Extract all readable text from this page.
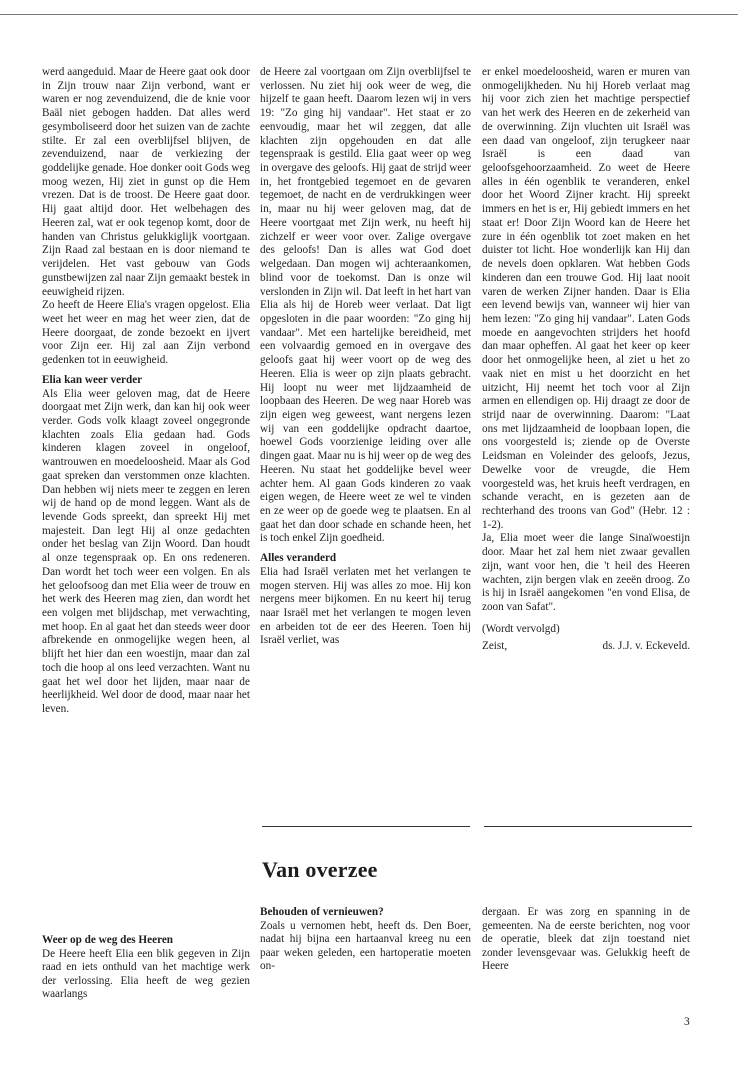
werd aangeduid. Maar de Heere gaat ook door in Zijn trouw naar Zijn verbond, want er waren er nog zevenduizend, die de knie voor Baäl niet gebogen hadden. Dat alles werd gesymboliseerd door het suizen van de zachte stilte. Er zal een overblijfsel blijven, de zevenduizend, naar de verkiezing der goddelijke genade. Hoe donker ooit Gods weg moog wezen, Hij ziet in gunst op die Hem vrezen. Dat is de troost. De Heere gaat door. Hij gaat altijd door. Het welbehagen des Heeren zal, wat er ook tegenop komt, door de handen van Christus gelukkiglijk voortgaan. Zijn Raad zal bestaan en is door niemand te verijdelen. Het vast gebouw van Gods gunstbewijzen zal naar Zijn gemaakt bestek in eeuwigheid rijzen.

Zo heeft de Heere Elia's vragen opgelost. Elia weet het weer en mag het weer zien, dat de Heere doorgaat, de zonde bezoekt en ijvert voor Zijn eer. Hij zal aan Zijn verbond gedenken tot in eeuwigheid.

Elia kan weer verder

Als Elia weer geloven mag, dat de Heere doorgaat met Zijn werk, dan kan hij ook weer verder. Gods volk klaagt zoveel ongegronde klachten zoals Elia gedaan had. Gods kinderen klagen zoveel in ongeloof, wantrouwen en moedeloosheid. Maar als God gaat spreken dan verstommen onze klachten. Dan hebben wij niets meer te zeggen en leren wij de hand op de mond leggen. Want als de levende Gods spreekt, dan spreekt Hij met majesteit. Dan legt Hij al onze gedachten onder het beslag van Zijn Woord. Dan houdt al onze tegenspraak op. En ons redeneren. Dan wordt het toch weer een volgen. En als het geloofsoog dan met Elia weer de trouw en het werk des Heeren mag zien, dan wordt het een volgen met blijdschap, met verwachting, met hoop. En al gaat het dan steeds weer door afbrekende en onmogelijke wegen heen, al blijft het hier dan een woestijn, maar dan zal toch die hoop al ons leed verzachten. Want nu gaat het wel door het lijden, maar naar de heerlijkheid. Wel door de dood, maar naar het leven.

de Heere zal voortgaan om Zijn overblijfsel te verlossen. Nu ziet hij ook weer de weg, die hijzelf te gaan heeft. Daarom lezen wij in vers 19: "Zo ging hij vandaar". Het staat er zo eenvoudig, maar het wil zeggen, dat alle klachten zijn opgehouden en dat alle tegenspraak is gestild. Elia gaat weer op weg in overgave des geloofs. Hij gaat de strijd weer in, het frontgebied tegemoet en de gevaren tegemoet, de nacht en de verdrukkingen weer in, maar nu hij weer geloven mag, dat de Heere voortgaat met Zijn werk, nu heeft hij zichzelf er weer voor over. Zalige overgave des geloofs! Dan is alles wat God doet welgedaan. Dan mogen wij achteraankomen, blind voor de toekomst. Dan is onze wil verslonden in Zijn wil. Dat leeft in het hart van Elia als hij de Horeb weer verlaat. Dat ligt opgesloten in die paar woorden: "Zo ging hij vandaar". Met een hartelijke bereidheid, met een volvaardig gemoed en in overgave des geloofs gaat hij weer voort op de weg des Heeren. Elia is weer op zijn plaats gebracht. Hij loopt nu weer met lijdzaamheid de loopbaan des Heeren. De weg naar Horeb was zijn eigen weg geweest, want nergens lezen wij van een goddelijke opdracht daartoe, hoewel Gods voorzienige leiding over alle dingen gaat. Maar nu is hij weer op de weg des Heeren. Nu staat het goddelijke bevel weer achter hem. Al gaan Gods kinderen zo vaak eigen wegen, de Heere weet ze wel te vinden en ze weer op de goede weg te plaatsen. En al gaat het dan door schade en schande heen, het is toch enkel Zijn goedheid.

Alles veranderd

Elia had Israël verlaten met het verlangen te mogen sterven. Hij was alles zo moe. Hij kon nergens meer bijkomen. En nu keert hij terug naar Israël met het verlangen te mogen leven en arbeiden tot de eer des Heeren. Toen hij Israël verliet, was

er enkel moedeloosheid, waren er muren van onmogelijkheden. Nu hij Horeb verlaat mag hij voor zich zien het machtige perspectief van het werk des Heeren en de zekerheid van de overwinning. Zijn vluchten uit Israël was een daad van ongeloof, zijn terugkeer naar Israël is een daad van geloofsgehoorzaamheid. Zo weet de Heere alles in één ogenblik te veranderen, enkel door het Woord Zijner kracht. Hij spreekt immers en het is er, Hij gebiedt immers en het staat er! Door Zijn Woord kan de Heere het zure in één ogenblik tot zoet maken en het duister tot licht. Hoe wonderlijk kan Hij dan de nevels doen opklaren. Wat hebben Gods kinderen dan een trouwe God. Hij laat nooit varen de werken Zijner handen. Daar is Elia een levend bewijs van, wanneer wij hier van hem lezen: "Zo ging hij vandaar". Laten Gods moede en aangevochten strijders het hoofd dan maar opheffen. Al gaat het keer op keer door het onmogelijke heen, al ziet u het zo vaak niet en mist u het doorzicht en het uitzicht, Hij neemt het toch voor al Zijn armen en ellendigen op. Hij draagt ze door de strijd naar de overwinning. Daarom: "Laat ons met lijdzaamheid de loopbaan lopen, die ons voorgesteld is; ziende op de Overste Leidsman en Voleinder des geloofs, Jezus, Dewelke voor de vreugde, die Hem voorgesteld was, het kruis heeft verdragen, en schande veracht, en is gezeten aan de rechterhand des troons van God" (Hebr. 12 : 1-2).

Ja, Elia moet weer die lange Sinaïwoestijn door. Maar het zal hem niet zwaar gevallen zijn, want voor hen, die 't heil des Heeren wachten, zijn bergen vlak en zeeën droog. Zo is hij in Israël aangekomen "en vond Elisa, de zoon van Safat".

(Wordt vervolgd)

Zeist,	ds. J.J. v. Eckeveld.
Weer op de weg des Heeren

De Heere heeft Elia een blik gegeven in Zijn raad en iets onthuld van het machtige werk der verlossing. Elia heeft de weg gezien waarlangs

Van overzee
Behouden of vernieuwen?

Zoals u vernomen hebt, heeft ds. Den Boer, nadat hij bijna een hartaanval kreeg nu een paar weken geleden, een hartoperatie moeten on-

dergaan. Er was zorg en spanning in de gemeenten. Na de eerste berichten, nog voor de operatie, bleek dat zijn toestand niet zonder levensgevaar was. Gelukkig heeft de Heere

3
